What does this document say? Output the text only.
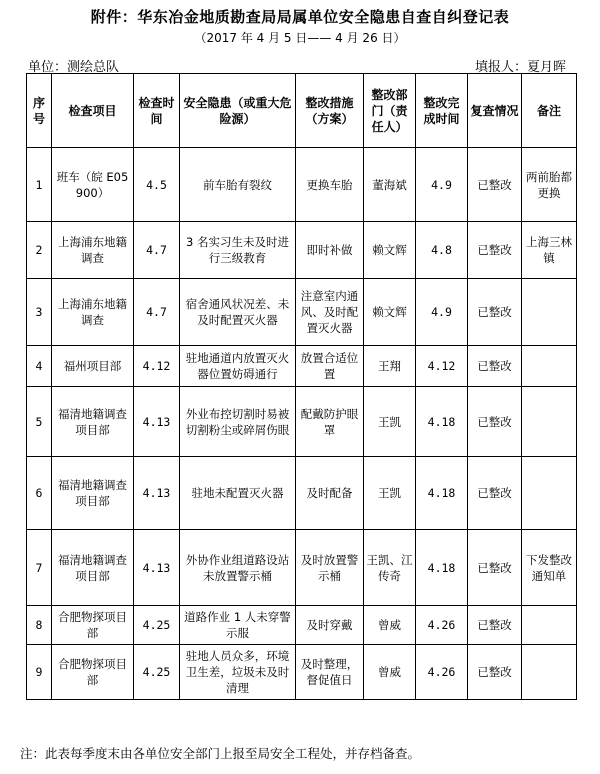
附件：华东冶金地质勘查局局属单位安全隐患自查自纠登记表
（2017 年 4 月 5 日—— 4 月 26 日）
单位：测绘总队	填报人：夏月晖
序号	检查项目	检查时间	安全隐患（或重大危险源）	整改措施（方案）	整改部门（责任人）	整改完成时间	复查情况	备注
1	班车（皖 E05900）	4.5	前车胎有裂纹	更换车胎	董海斌	4.9	已整改	两前胎都更换
2	上海浦东地籍调查	4.7	3 名实习生未及时进行三级教育	即时补做	赖文辉	4.8	已整改	上海三林镇
3	上海浦东地籍调查	4.7	宿舍通风状况差、未及时配置灭火器	注意室内通风、及时配置灭火器	赖文辉	4.9	已整改	
4	福州项目部	4.12	驻地通道内放置灭火器位置妨碍通行	放置合适位置	王翔	4.12	已整改	
5	福清地籍调查项目部	4.13	外业布控切割时易被切割粉尘或碎屑伤眼	配戴防护眼罩	王凯	4.18	已整改	
6	福清地籍调查项目部	4.13	驻地未配置灭火器	及时配备	王凯	4.18	已整改	
7	福清地籍调查项目部	4.13	外协作业组道路设站未放置警示桶	及时放置警示桶	王凯、江传奇	4.18	已整改	下发整改通知单
8	合肥物探项目部	4.25	道路作业 1 人未穿警示服	及时穿戴	曾威	4.26	已整改	
9	合肥物探项目部	4.25	驻地人员众多，环境卫生差，垃圾未及时清理	及时整理，督促值日	曾威	4.26	已整改	
注：此表每季度末由各单位安全部门上报至局安全工程处，并存档备查。
